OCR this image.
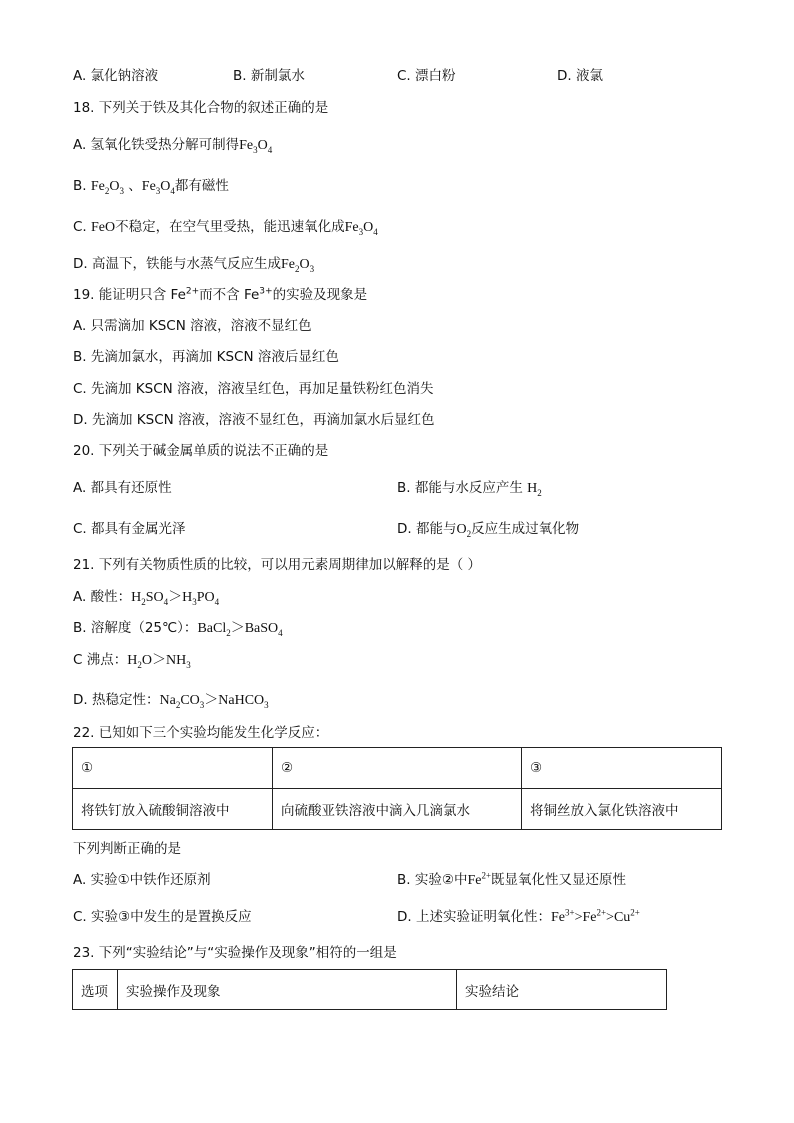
A. 氯化钠溶液	B. 新制氯水	C. 漂白粉	D. 液氯
18. 下列关于铁及其化合物的叙述正确的是
A. 氢氧化铁受热分解可制得$Fe_3O_4$
B. $Fe_2O_3$ 、$Fe_3O_4$都有磁性
C. FeO不稳定，在空气里受热，能迅速氧化成$Fe_3O_4$
D. 高温下，铁能与水蒸气反应生成$Fe_2O_3$
19. 能证明只含 $Fe^{2+}$而不含 $Fe^{3+}$的实验及现象是
A. 只需滴加 KSCN 溶液，溶液不显红色
B. 先滴加氯水，再滴加 KSCN 溶液后显红色
C. 先滴加 KSCN 溶液，溶液呈红色，再加足量铁粉红色消失
D. 先滴加 KSCN 溶液，溶液不显红色，再滴加氯水后显红色
20. 下列关于碱金属单质的说法不正确的是
A. 都具有还原性	B. 都能与水反应产生 $H_2$
C. 都具有金属光泽	D. 都能与$O_2$反应生成过氧化物
21. 下列有关物质性质的比较，可以用元素周期律加以解释的是（ ）
A. 酸性：$H_2SO_4>H_3PO_4$
B. 溶解度（25℃）：BaCl$_2$＞BaSO$_4$
C 沸点：$H_2O>NH_3$
D. 热稳定性：$Na_2CO_3>NaHCO_3$
22. 已知如下三个实验均能发生化学反应：
①	②	③
将铁钉放入硫酸铜溶液中	向硫酸亚铁溶液中滴入几滴氯水	将铜丝放入氯化铁溶液中
下列判断正确的是
A. 实验①中铁作还原剂	B. 实验②中$Fe^{2+}$既显氧化性又显还原性
C. 实验③中发生的是置换反应	D. 上述实验证明氧化性：$Fe^{3+}>Fe^{2+}>Cu^{2+}$
23. 下列“实验结论”与“实验操作及现象”相符的一组是
选项	实验操作及现象	实验结论
